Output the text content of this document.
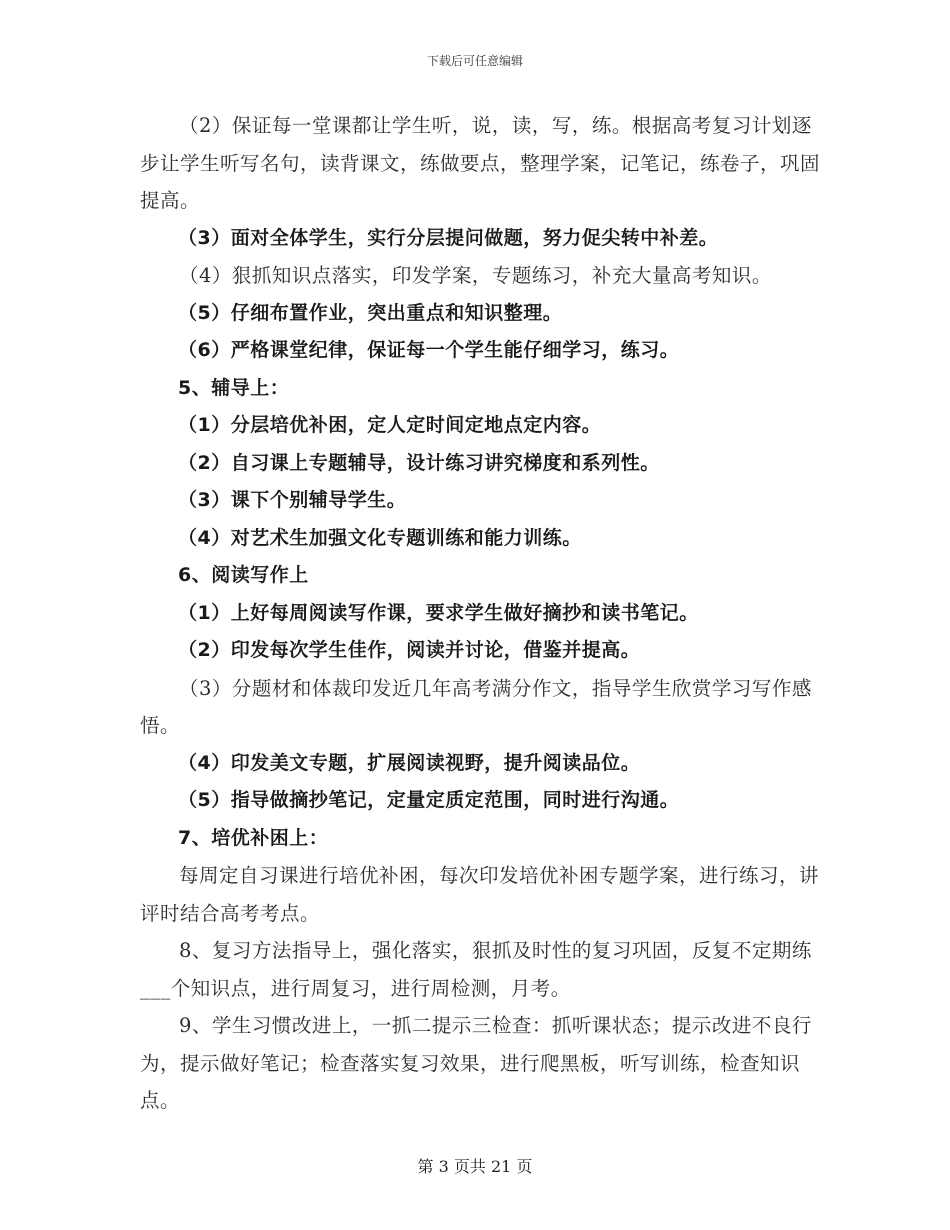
下载后可任意编辑

（2）保证每一堂课都让学生听，说，读，写，练。根据高考复习计划逐步让学生听写名句，读背课文，练做要点，整理学案，记笔记，练卷子，巩固提高。

（3）面对全体学生，实行分层提问做题，努力促尖转中补差。

（4）狠抓知识点落实，印发学案，专题练习，补充大量高考知识。

（5）仔细布置作业，突出重点和知识整理。

（6）严格课堂纪律，保证每一个学生能仔细学习，练习。

5、辅导上：

（1）分层培优补困，定人定时间定地点定内容。

（2）自习课上专题辅导，设计练习讲究梯度和系列性。

（3）课下个别辅导学生。

（4）对艺术生加强文化专题训练和能力训练。

6、阅读写作上

（1）上好每周阅读写作课，要求学生做好摘抄和读书笔记。

（2）印发每次学生佳作，阅读并讨论，借鉴并提高。

（3）分题材和体裁印发近几年高考满分作文，指导学生欣赏学习写作感悟。

（4）印发美文专题，扩展阅读视野，提升阅读品位。

（5）指导做摘抄笔记，定量定质定范围，同时进行沟通。

7、培优补困上：

每周定自习课进行培优补困，每次印发培优补困专题学案，进行练习，讲评时结合高考考点。

8、复习方法指导上，强化落实，狠抓及时性的复习巩固，反复不定期练___个知识点，进行周复习，进行周检测，月考。

9、学生习惯改进上，一抓二提示三检查：抓听课状态；提示改进不良行为，提示做好笔记；检查落实复习效果，进行爬黑板，听写训练，检查知识点。

第 3 页共 21 页
